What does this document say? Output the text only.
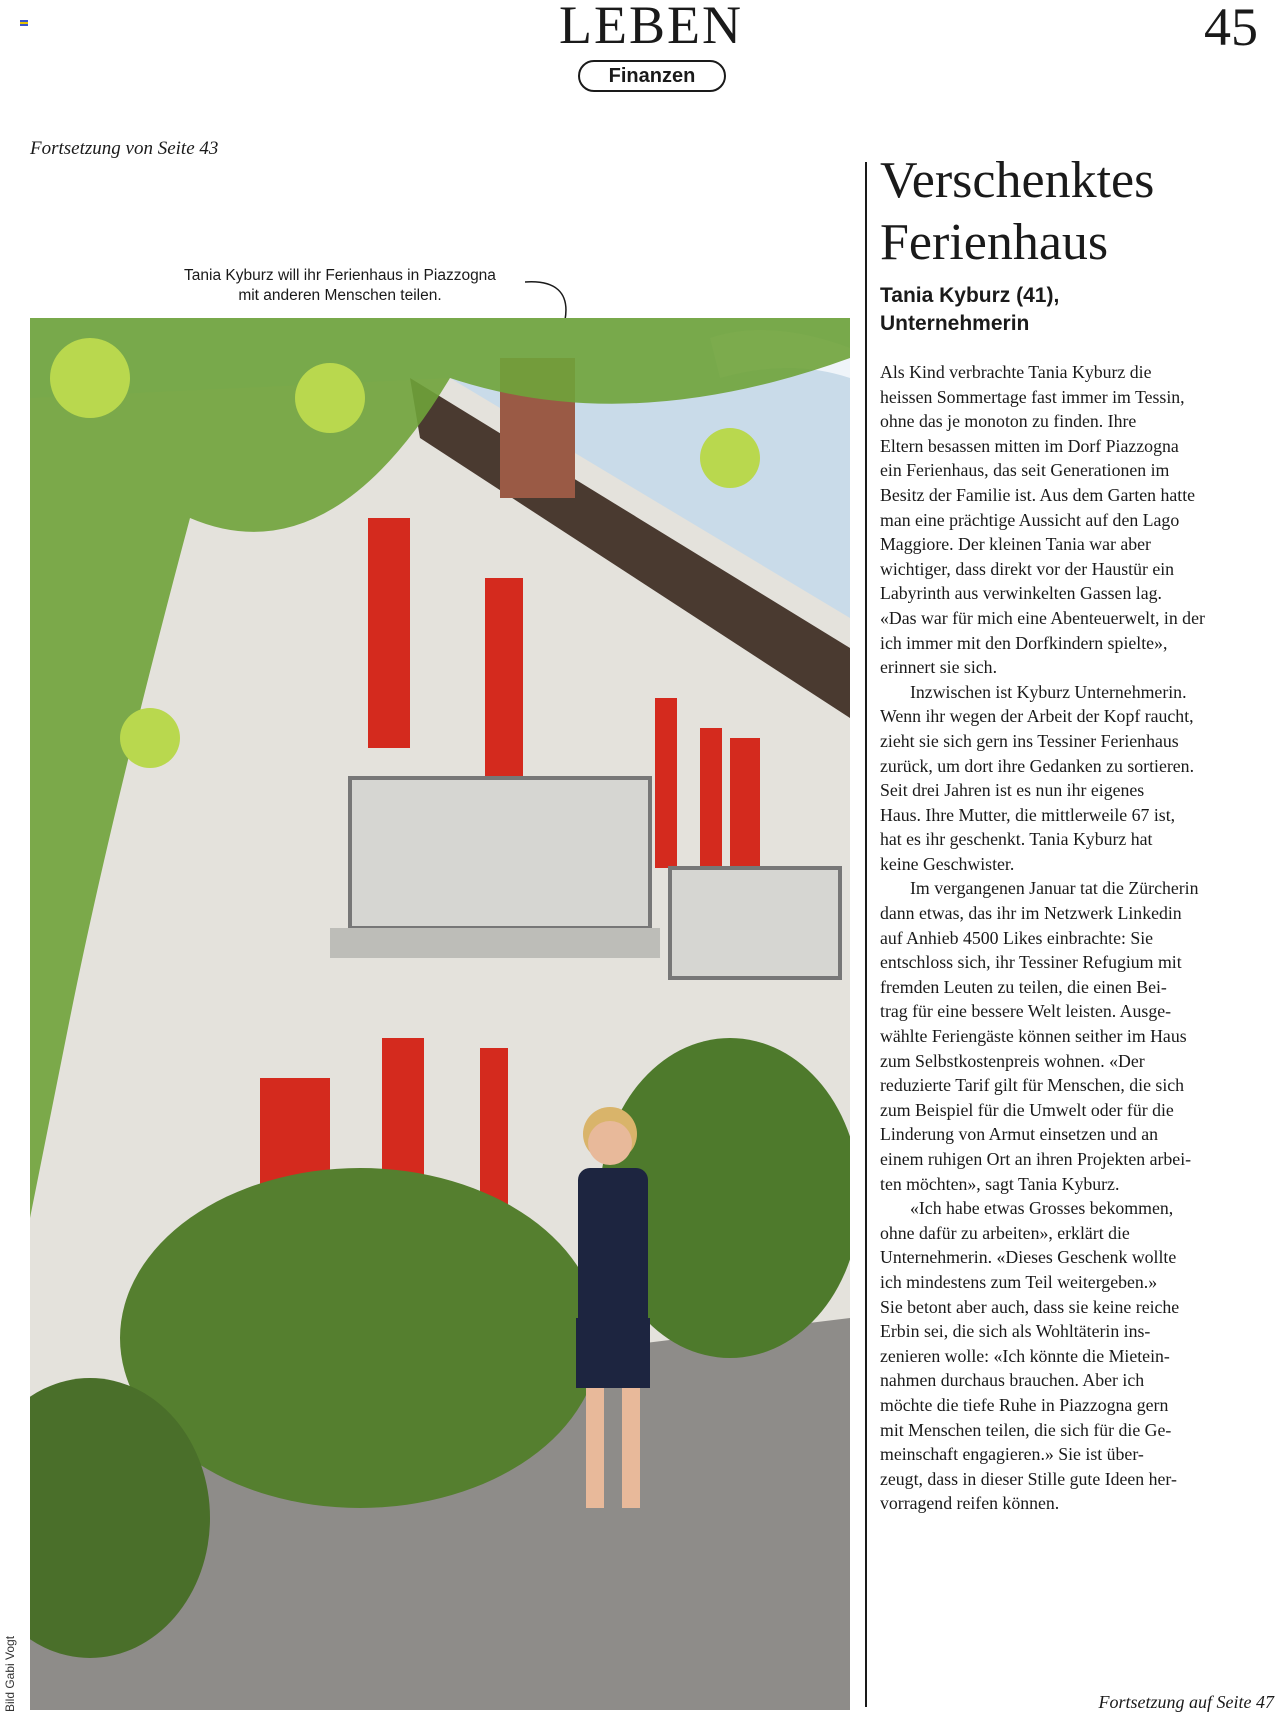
LEBEN
Finanzen
45
Fortsetzung von Seite 43
Tania Kyburz will ihr Ferienhaus in Piazzogna
mit anderen Menschen teilen.
Bild Gabi Vogt
Verschenktes
Ferienhaus
Tania Kyburz (41),
Unternehmerin
Als Kind verbrachte Tania Kyburz die
heissen Sommertage fast immer im Tessin,
ohne das je monoton zu finden. Ihre
Eltern besassen mitten im Dorf Piazzogna
ein Ferienhaus, das seit Generationen im
Besitz der Familie ist. Aus dem Garten hatte
man eine prächtige Aussicht auf den Lago
Maggiore. Der kleinen Tania war aber
wichtiger, dass direkt vor der Haustür ein
Labyrinth aus verwinkelten Gassen lag.
«Das war für mich eine Abenteuerwelt, in der
ich immer mit den Dorfkindern spielte»,
erinnert sie sich.
Inzwischen ist Kyburz Unternehmerin.
Wenn ihr wegen der Arbeit der Kopf raucht,
zieht sie sich gern ins Tessiner Ferienhaus
zurück, um dort ihre Gedanken zu sortieren.
Seit drei Jahren ist es nun ihr eigenes
Haus. Ihre Mutter, die mittlerweile 67 ist,
hat es ihr geschenkt. Tania Kyburz hat
keine Geschwister.
Im vergangenen Januar tat die Zürcherin
dann etwas, das ihr im Netzwerk Linkedin
auf Anhieb 4500 Likes einbrachte: Sie
entschloss sich, ihr Tessiner Refugium mit
fremden Leuten zu teilen, die einen Bei-
trag für eine bessere Welt leisten. Ausge-
wählte Feriengäste können seither im Haus
zum Selbstkostenpreis wohnen. «Der
reduzierte Tarif gilt für Menschen, die sich
zum Beispiel für die Umwelt oder für die
Linderung von Armut einsetzen und an
einem ruhigen Ort an ihren Projekten arbei-
ten möchten», sagt Tania Kyburz.
«Ich habe etwas Grosses bekommen,
ohne dafür zu arbeiten», erklärt die
Unternehmerin. «Dieses Geschenk wollte
ich mindestens zum Teil weitergeben.»
Sie betont aber auch, dass sie keine reiche
Erbin sei, die sich als Wohltäterin ins-
zenieren wolle: «Ich könnte die Mietein-
nahmen durchaus brauchen. Aber ich
möchte die tiefe Ruhe in Piazzogna gern
mit Menschen teilen, die sich für die Ge-
meinschaft engagieren.» Sie ist über-
zeugt, dass in dieser Stille gute Ideen her-
vorragend reifen können.
Fortsetzung auf Seite 47
